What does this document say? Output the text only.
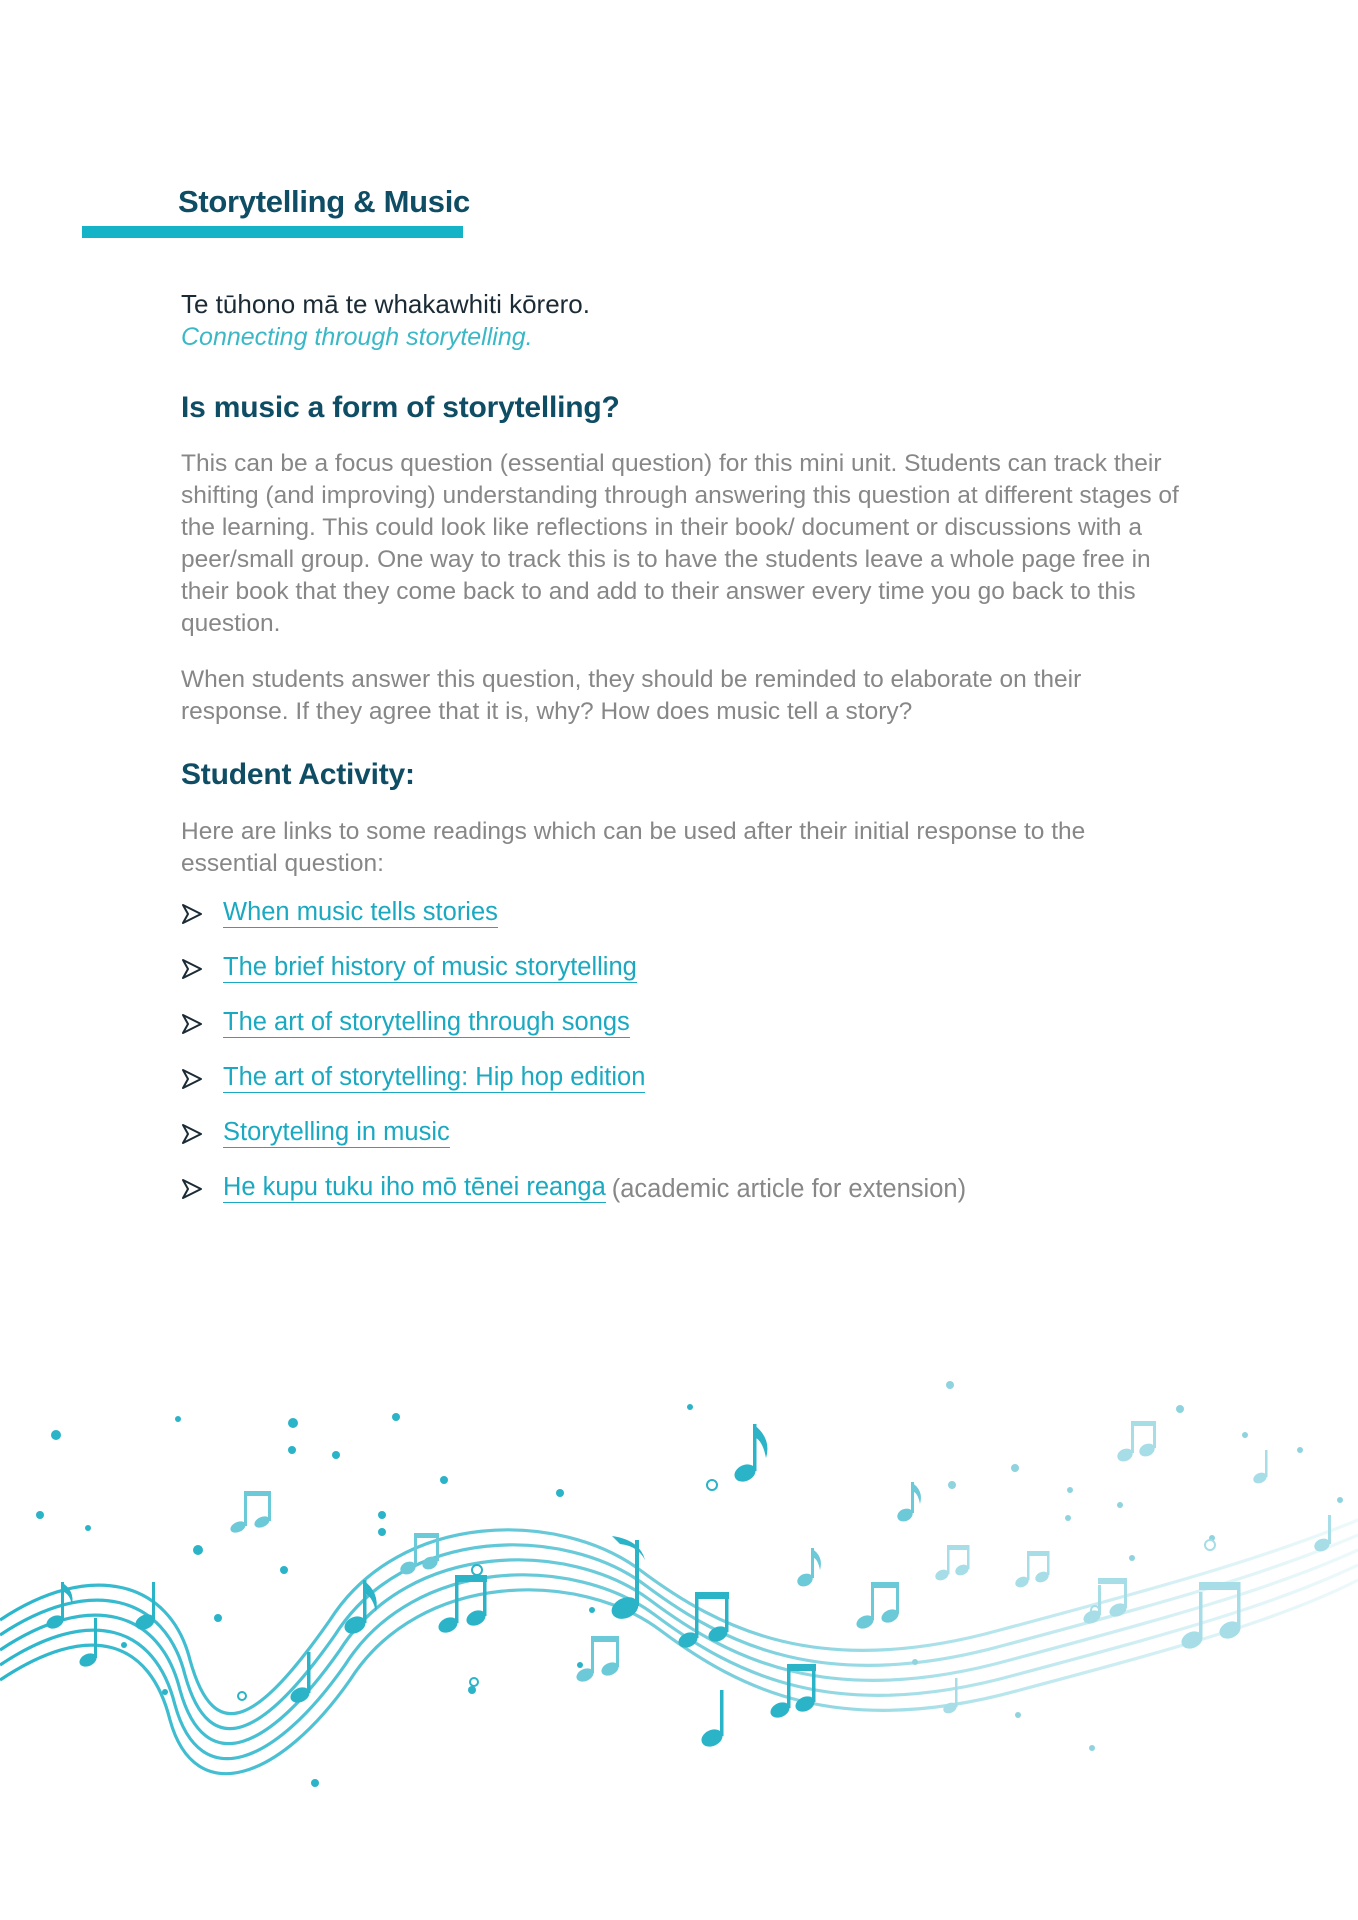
Storytelling & Music
Te tūhono mā te whakawhiti kōrero.
Connecting through storytelling.
Is music a form of storytelling?

This can be a focus question (essential question) for this mini unit. Students can track their shifting (and improving) understanding through answering this question at different stages of the learning. This could look like reflections in their book/ document or discussions with a peer/small group. One way to track this is to have the students leave a whole page free in their book that they come back to and add to their answer every time you go back to this question.

When students answer this question, they should be reminded to elaborate on their response. If they agree that it is, why? How does music tell a story?

Student Activity:

Here are links to some readings which can be used after their initial response to the essential question:

When music tells stories
The brief history of music storytelling
The art of storytelling through songs
The art of storytelling: Hip hop edition
Storytelling in music
He kupu tuku iho mō tēnei reanga (academic article for extension)
